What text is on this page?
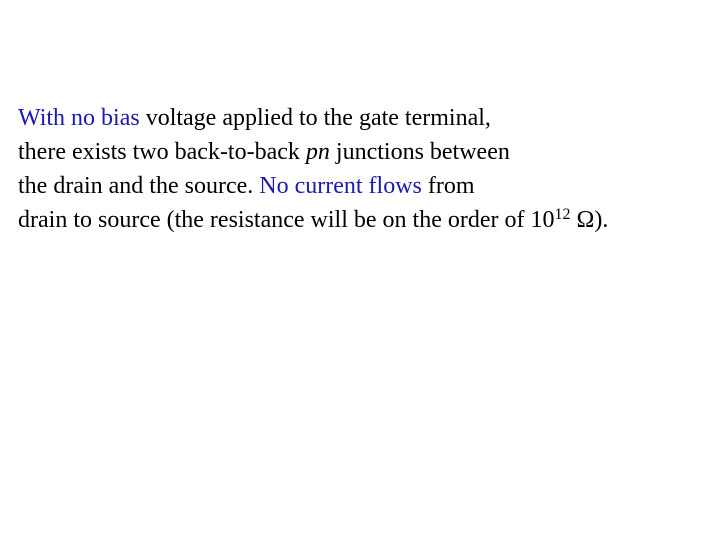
With no bias voltage applied to the gate terminal,
there exists two back-to-back pn junctions between
the drain and the source. No current flows from
drain to source (the resistance will be on the order of $10^{12}$ Ω).
